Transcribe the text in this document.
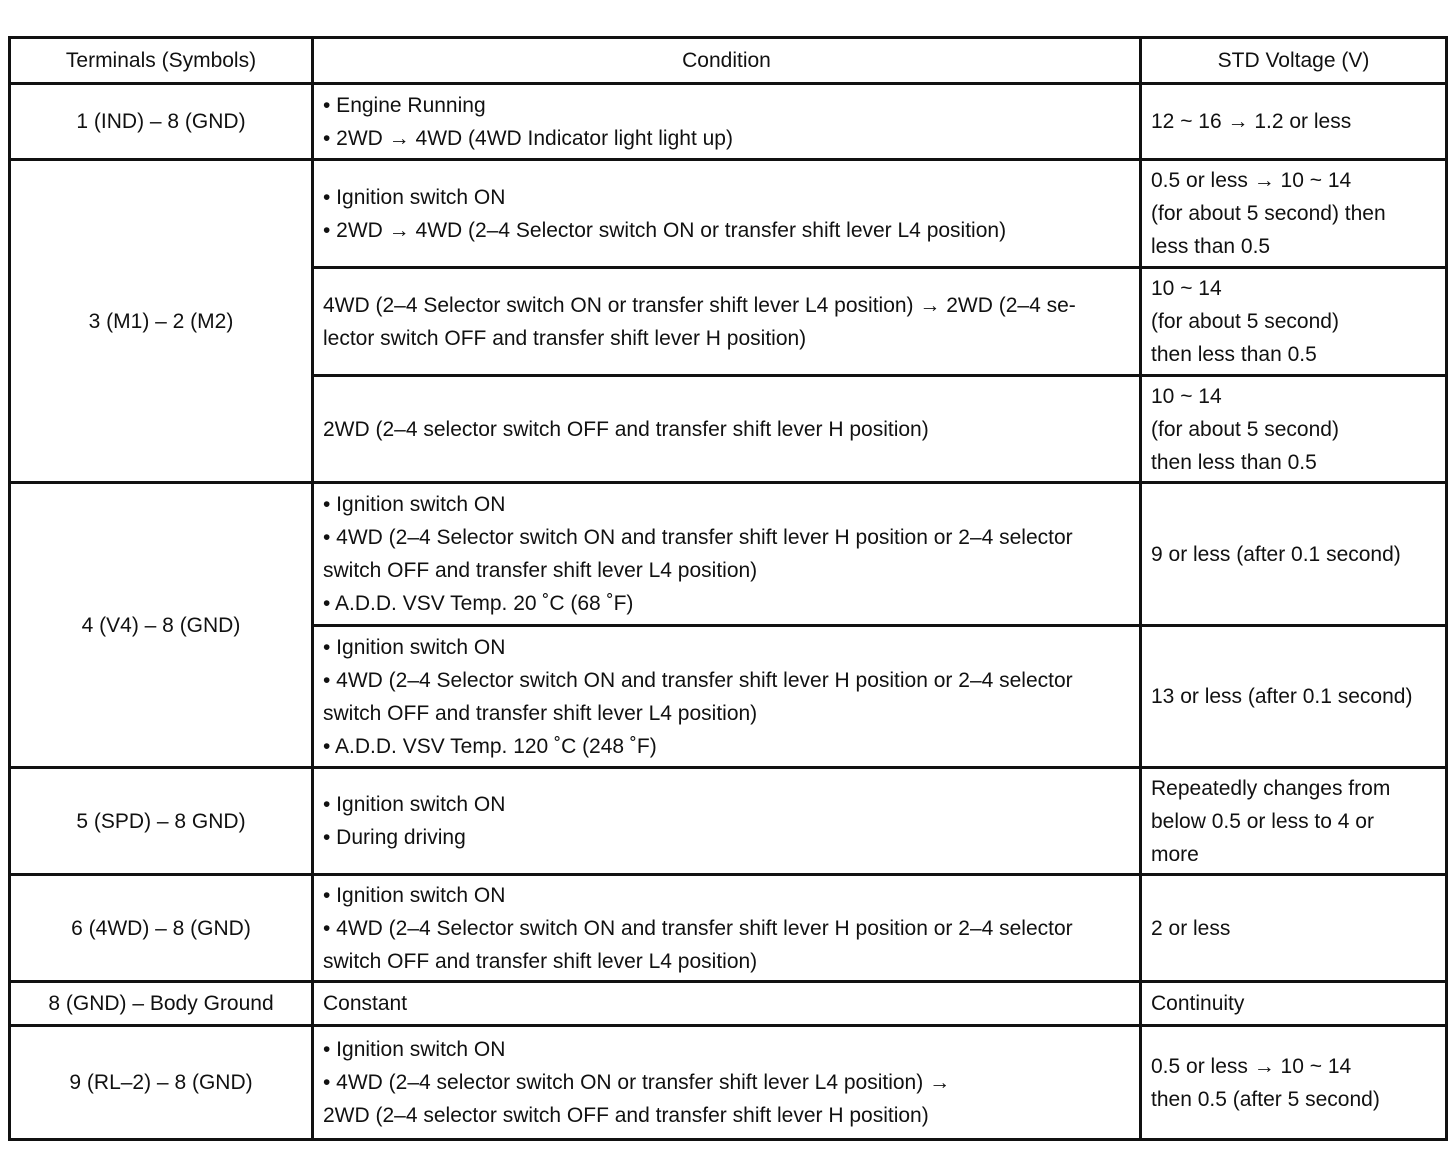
Terminals (Symbols)	Condition	STD Voltage (V)
1 (IND) – 8 (GND)	• Engine Running
• 2WD → 4WD (4WD Indicator light light up)	12 ~ 16 → 1.2 or less

3 (M1) – 2 (M2)	• Ignition switch ON
• 2WD → 4WD (2–4 Selector switch ON or transfer shift lever L4 position)	0.5 or less → 10 ~ 14
(for about 5 second) then
less than 0.5

	4WD (2–4 Selector switch ON or transfer shift lever L4 position) → 2WD (2–4 se-
lector switch OFF and transfer shift lever H position)	10 ~ 14
(for about 5 second)
then less than 0.5

	2WD (2–4 selector switch OFF and transfer shift lever H position)	10 ~ 14
(for about 5 second)
then less than 0.5

4 (V4) – 8 (GND)	• Ignition switch ON
• 4WD (2–4 Selector switch ON and transfer shift lever H position or 2–4 selector
switch OFF and transfer shift lever L4 position)
• A.D.D. VSV Temp. 20 ˚C (68 ˚F)	9 or less (after 0.1 second)

	• Ignition switch ON
• 4WD (2–4 Selector switch ON and transfer shift lever H position or 2–4 selector
switch OFF and transfer shift lever L4 position)
• A.D.D. VSV Temp. 120 ˚C (248 ˚F)	13 or less (after 0.1 second)

5 (SPD) – 8 GND)	• Ignition switch ON
• During driving	Repeatedly changes from
below 0.5 or less to 4 or
more

6 (4WD) – 8 (GND)	• Ignition switch ON
• 4WD (2–4 Selector switch ON and transfer shift lever H position or 2–4 selector
switch OFF and transfer shift lever L4 position)	2 or less

8 (GND) – Body Ground	Constant	Continuity

9 (RL–2) – 8 (GND)	• Ignition switch ON
• 4WD (2–4 selector switch ON or transfer shift lever L4 position) →
2WD (2–4 selector switch OFF and transfer shift lever H position)	0.5 or less → 10 ~ 14
then 0.5 (after 5 second)
